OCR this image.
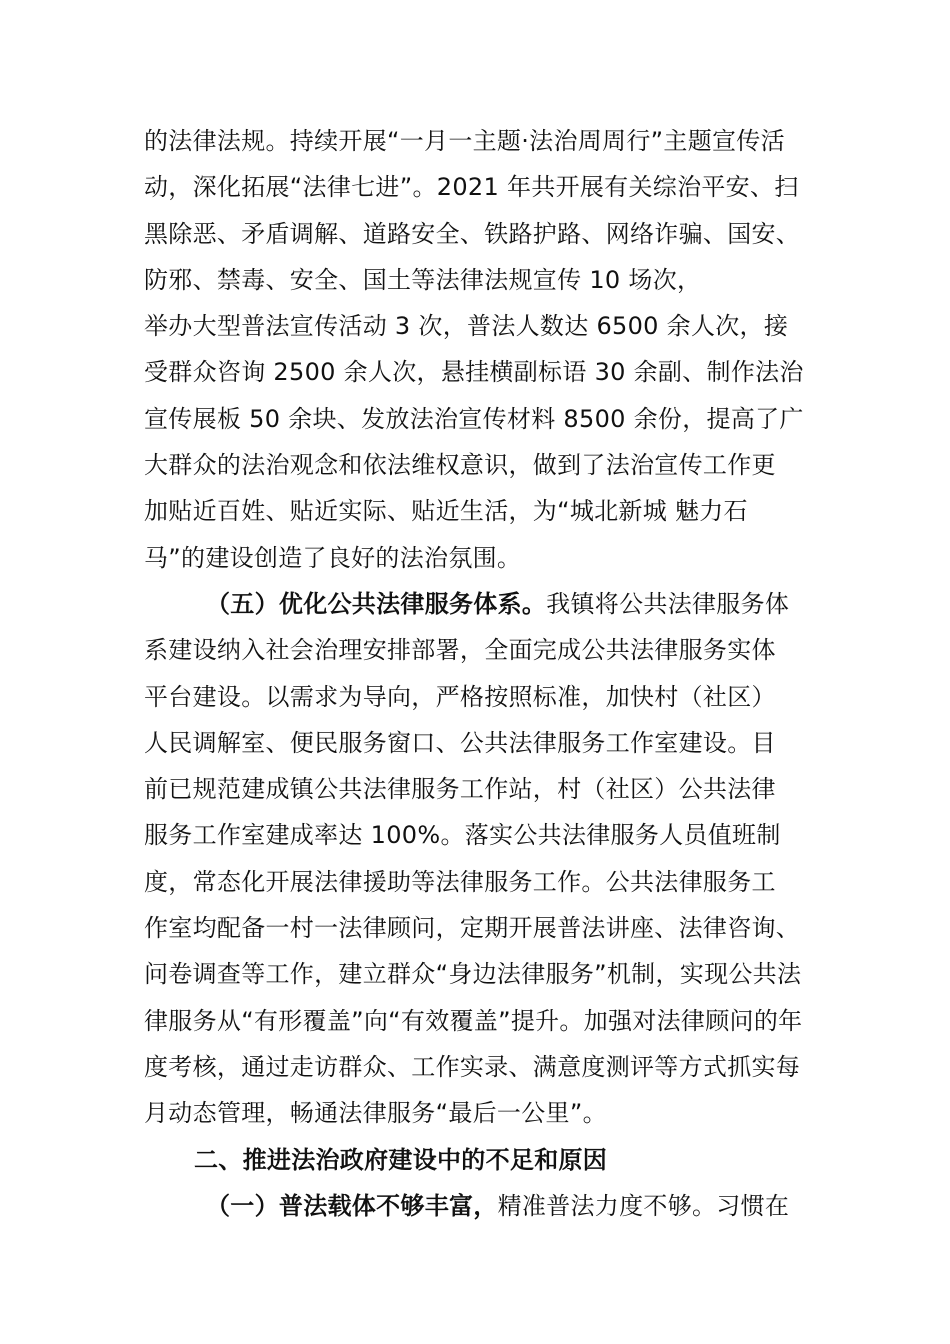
的法律法规。持续开展“一月一主题·法治周周行”主题宣传活
动，深化拓展“法律七进”。2021 年共开展有关综治平安、扫
黑除恶、矛盾调解、道路安全、铁路护路、网络诈骗、国安、
防邪、禁毒、安全、国土等法律法规宣传 10 场次，
举办大型普法宣传活动 3 次，普法人数达 6500 余人次，接
受群众咨询 2500 余人次，悬挂横副标语 30 余副、制作法治
宣传展板 50 余块、发放法治宣传材料 8500 余份，提高了广
大群众的法治观念和依法维权意识，做到了法治宣传工作更
加贴近百姓、贴近实际、贴近生活，为“城北新城 魅力石
马”的建设创造了良好的法治氛围。
（五）优化公共法律服务体系。我镇将公共法律服务体
系建设纳入社会治理安排部署，全面完成公共法律服务实体
平台建设。以需求为导向，严格按照标准，加快村（社区）
人民调解室、便民服务窗口、公共法律服务工作室建设。目
前已规范建成镇公共法律服务工作站，村（社区）公共法律
服务工作室建成率达 100%。落实公共法律服务人员值班制
度，常态化开展法律援助等法律服务工作。公共法律服务工
作室均配备一村一法律顾问，定期开展普法讲座、法律咨询、
问卷调查等工作，建立群众“身边法律服务”机制，实现公共法
律服务从“有形覆盖”向“有效覆盖”提升。加强对法律顾问的年
度考核，通过走访群众、工作实录、满意度测评等方式抓实每
月动态管理，畅通法律服务“最后一公里”。
二、推进法治政府建设中的不足和原因
（一）普法载体不够丰富，精准普法力度不够。习惯在
